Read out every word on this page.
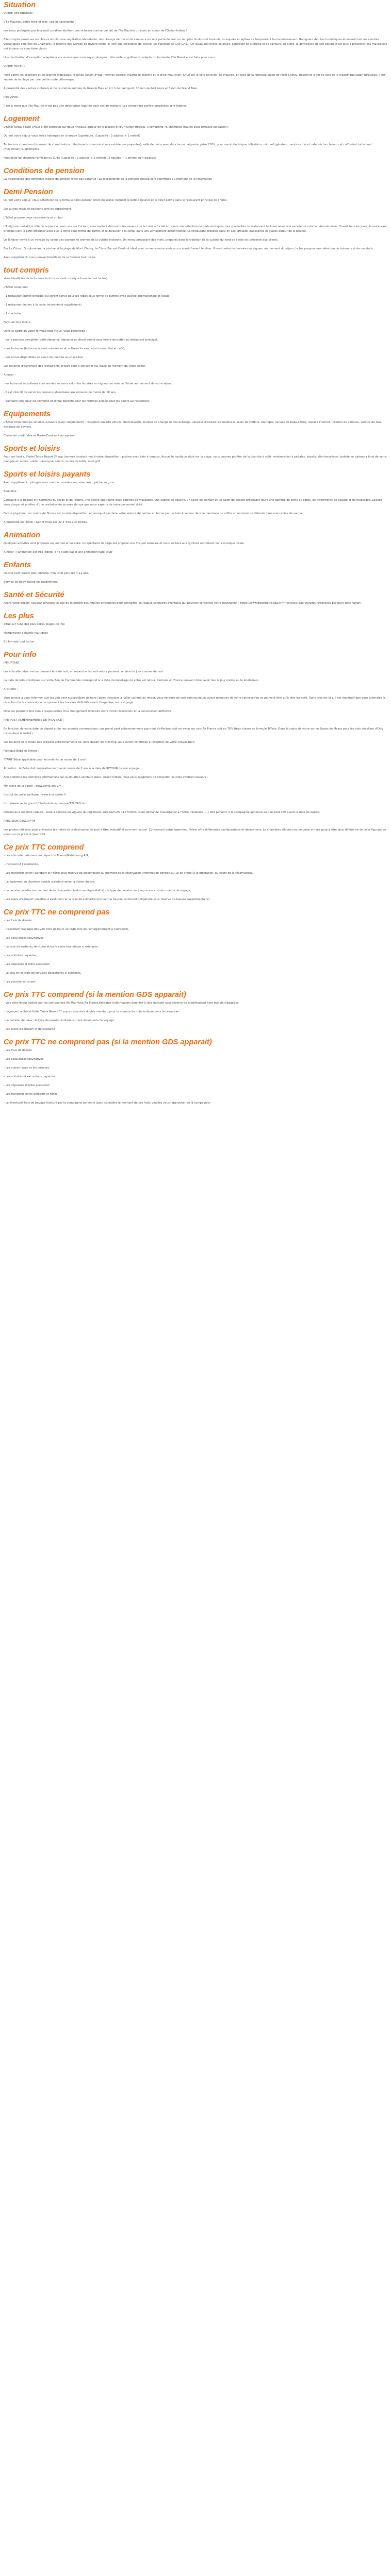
Situation

VOTRE DESTINATION :

L'île Maurice, entre terre et mer, une île fascinante !

Les eaux protégées par leur récif corallien abritent une richesse marine qui fait de l'île Maurice un écrin au coeur de l'Océan Indien !

Elle compte parmi ses nombreux atouts, une végétation abondante, des champs de thé et de cannes à sucre à perte de vue, ou temples hindous et tamouls, mosquées et églises se fréquentent harmonieusement. Rapiguent de rites touristiques étonnants tels les cendres volcaniques colorées de Chamarel, la réserve des Gorges de Rivière Noire, le Parc aux crocodiles de Vanille, les Pakistan de Gris-Gris... Un joyau aux milles couleurs, contrasté de cultures et de saveurs. En outre, la gentillesse de son peuple n'est plus à présenter, les mauriciens ont à cœur de vous faire plaisir.

Une destination d'exception adaptée à vos envies que vous soyez plongeur, kite surfeur, golfeur ou adepte du farniente, l'île Maurice est faite pour vous.

VOTRE HOTEL :

Posé parmi les cocotiers et les plantes tropicales, le Tarisa Resort 3*sup (normes locales) incarne le charme et le style mauricien. Situé sur la côte nord de l'île Maurice, en face de la fameuse plage de Mont Choisy, desservie 3 km de long et le magnifique lagon turquoise, il est séparé de la plage par une petite route pittoresque.

À proximité des centres culturels et de la station animée de Grande Baie et à 1 h de l'aéroport, 30 min de Port Louis et 5 min de Grand Baie.

Info vérité :

Il est à noter que l'île Maurice n'est pas une destination réputée pour ses animations. Les animations parfois proposées sont légères.

Logement

L'hôtel Tarisa Beach 3*sup a été construit sur deux niveaux, autour de la piscine et d'un jardin tropical. Il comprend 75 chambres (toutes avec terrasse ou balcon).

Durant votre séjour vous serez hébergés en chambre Supérieure. (Capacité : 2 adultes + 1 enfant)

Toutes nos chambres disposent de climatisation, téléphone (communications extérieures payantes), salle de bains avec douche ou baignoire, prise 220V, pour rasoir électrique, télévision, mini réfrigérateur, services thé et café, sèche cheveux et coffre-fort individuel (moyennant supplément).

Possibilité de chambre Familiale ou Suite (Capacité : 2 adultes + 2 enfants, 3 adultes + 1 enfant ou 4 adultes).

Conditions de pension

La disponibilité des différents modes de pension n'est pas garantie ; La disponibilité de la pension choisie sera confirmée au moment de la réservation

Demi Pension

Durant votre séjour, vous bénéficiez de la formule demi-pension (hors boissons) incluant le petit-déjeuner et le dîner servis dans le restaurant principal de l'hôtel.

Les autres repas et boissons sont en supplément.

L'hôtel propose deux restaurants et un bar :

L'Indigo est installé à côté de la piscine, avec vue sur l'océan, vous invite à découvrir les saveurs de la cuisine locale à travers une sélection de plats exotiques. Les spécialités du restaurant incluent aussi une excellente cuisine internationale. Ouvert tous les jours, le restaurant principal sert le petit-déjeuner ainsi que le dîner sous forme de buffet, et le déjeuner à la carte, dans une atmosphère décontractée. Le restaurant propose aussi en cas, grillade, pâtisseries et glaces autour de la piscine.

Le Tandoor invite à un voyage au coeur des saveurs et arômes de la cuisine indienne. Un menu proposant des mets, préparés dans la tradition de la cuisine du nord de l'Inde est présenté aux clients.

Bar Le Citrus : Surplombant la piscine et la plage de Mont Choisy, le Citrus Bar est l'endroit idéal pour un verre entre amis ou un apéritif avant le dîner. Ouvert selon les horaires en vigueur au moment du séjour, le bar propose une sélection de boissons et de cocktails.

Avec supplément, vous pouvez bénéficier de la formule tout inclus.

tout compris

Vous bénéficiez de la formule tout inclus (voir rubrique formule tout inclus).

L'hôtel comprend :

- 1 restaurant buffet principal où seront servis pour les repas sous forme de buffets avec cuisine internationale et locale

- 1 restaurant indien à la carte (moyennant supplément)

- 1 snack-bar

Formule tout inclus :

Dans le cadre de votre formule tout inclus, vous bénéficiez :

- de la pension complète (petit-déjeuner, déjeuner et dîner) servie sous forme de buffet au restaurant principal,

- des boissons (boissons non-alcoolisées et alcoolisées locales, vins locaux, thé et café),

- des encas disponibles en cours de journée au snack-bar.

Les horaires d'ouverture des restaurants et bars sont à consulter sur place au moment de votre séjour.

A noter :

- les boissons alcoolisées sont servies au verre selon les horaires en vigueur au sein de l'hôtel au moment de votre séjour,

- il est interdit de servir les boissons alcoolisées aux mineurs de moins de 18 ans,

- pantalon long pour les hommes et tenue décente pour les femmes exigée pour les dîners au restaurant.

Equipements

L'hôtel comprend les services suivants (avec supplément) : réception ouverte 24h/24, blanchisserie, bureau de change et des échange, services d'assistance médicale, salon de coiffure, boutique, service de baby-sitting, espace internet, location de voitures, service de taxi, échange de devises.

Cartes de crédit Visa et MasterCard sont acceptées.

Sports et loisirs

Pour vos loisirs, l'hôtel Tarisa Resort 3* sup (normes locales) met à votre disposition : piscine avec bain à remous. Accueille nautique situé sur la plage, vous pourrez profiter de la planche à voile, embarcation à pédales, kayaks, décriveur-laser, balade en bateau à fond de verre, plongée en apnée, voilier, pétanque, tennis, tennis de table, mini golf.

Sports et loisirs payants

Avec supplément : plongée sous marine, croisière en catamaran, pêche au gros.

Bien-être :

Consacré à la beauté et l'harmonie du corps et de l'esprit, The Sirene Spa réunit deux cabines de massages, une cabine de douche, un salon de coiffure et un salon de beauté proposant toute une gamme de soins du corps, de traitements de beauté et de massages. Laissez-vous choyer et profitez d'une revitalisante journée de spa que nous experts de votre personnel doté.

Forme physique : un centre de fitness est à votre disposition, et pourquoi pas faire votre séance de remise en forme par un bain à vapeur dans le hammam ou coffre un moment de détente dans une cabine de sauna.

A proximité de l'hôtel : Golf 9 trous par 32 à Trou aux Biches.

Animation

Quelques activités sont proposés en journée et karaoké. Un spectacle de séga est proposé une fois par semaine et vous invitera aux rythmes entraînant de la musique locale.

A noter : l'animation est très légère, il ne s'agit pas d'une animation type 'club'

Enfants

Piscine avec bassin pour enfants, mini-club pour les 4-11 ans.

Service de baby-sitting en supplément.

Santé et Sécurité

Avant votre départ, veuillez consulter le site du ministère des Affaires étrangères pour connaître les risques sanitaires éventuels qui peuvent concerner votre destination : https://www.diplomatie.gouv.fr/fr/conseils-aux-voyageurs/conseils-par-pays-destination/

Les plus

Situé sur l'une des plus belles plages de l'île

Nombreuses activités nautiques

En formule tout inclus

Pour info

IMPORTANT :

Les vols aller et/ou retour peuvent être de nuit; en revanche les vols retour peuvent se faire de jour comme de nuit.

La date de retour indiquée sur votre Bon de Commande correspond à la date de décollage de votre vol retour, l'arrivée en France pouvant donc avoir lieu le jour même ou le lendemain.

A NOTER :

Vous tenons à vous informer que les vols sont susceptibles de faire l'objet d'escales à l'aller comme au retour. Vous horaires de vols communiqués avant réception de votre convocation ne peuvent être qu'à titre indicatif. Dans tous les cas, il est impératif que vous attendiez la réception de la convocation comprenant les horaires définitifs avant d'organiser votre voyage.

Nous ne pourrons être tenus responsables d'un changement d'horaire entre votre réservation et la convocation définitive.

PRE-POST ACHEMINEMENTS DE PROVINCE :

En fonction de votre date de départ et de nos accords commerciaux, vos pré et post acheminements pourront s'effectuer soit en avion sur vols Air France soit en TGV (train classe en formule TGVair. Dans le cadre de votre sur les lignes de Massy pour les vols décollant d'Orly inclus dans le forfait).

Les horaires et le mode des pré/post acheminements de votre départ de province vous seront confirmés à réception de votre convocation.

Politique Bébé et Enfant :

*TARIF Bébé applicable pour les enfants de moins de 2 ans*

Attention : le Bébé doit impérativement avoir moins de 2 ans à la date de RETOUR de son voyage.

Afin d'obtenir les dernières informations sur la situation sanitaire dans l'océan Indien, nous vous suggérons de consulter les sites internet suivants :

Ministère de la Santé : www.sante.gouv.fr

Institut de veille sanitaire : www.invs.sante.fr

http://www.sante.gouv.fr/htm/pointsur/zoonose/12t_FAQ.htm

Personnes à mobilité réduite : suite à l'entrée en vigueur du règlement européen EU 1107/2006, toute demande d'assistance à l'hôtel, résidente, ...) doit parvenir à la compagnie aérienne au plus tard 48h avant la date de départ.

PRÉCISION DESCRIPTIF

Les photos utilisées pour présenter les hôtels et la destination le sont à titre indicatif et non-contractuel. Concernant votre logement, l'hôtel offre différentes configurations et décorations. Le chambres allouée lors de votre arrivée pourra être ainsi différente de celle figurant en photo sur le présent descriptif.

Ce prix TTC comprend

- Les vols internationaux au départ de France/Malmbourg A/R,

- L'accueil et l'assistance,

- Les transferts entre l'aéroport et l'hôtel sous réserve de disponibilité au moment de la réservation (information donnée au 1e de l'hôtel à la prestation, ou cours de la réservation),

- Le logement en chambre double standard selon la durée choisie,

- La pension validée au moment de la réservation (selon sa disponibilité) : le type de pension sera repris sur vos documents de voyage,

- Les taxes d'aéroport (sujettes à évolution) et la taxe de solidarité (incluant la hausse carburant obligatoire sous réserve de hausse supplémentaire)

Ce prix TTC ne comprend pas

- Les frais de dossier

- L'excédent bagages des vols hors golfeurs (le règle lors de l'enregistrement à l'aéroport),

- Les assurances facultatives,

- La taxe de sortie du territoire et/ou la carte touristique si existante,

- Les activités payantes,

- Les dépenses d'ordre personnel,

- Le visa et les frais de services obligatoires si existants,

- Les pourboires usuels.

Ce prix TTC comprend (si la mention GDS apparait)

- Vols aller-retour opérés par les compagnies Air Mauritius,Air France,Emirates (informations données à titre indicatif sous réserve de modification) hors transfert/bagages

- Logement à l'hôtel Hôtel Tarisa Resort 3* sup en chambre double standard pour le nombre de nuits indiqué dans le calendrier

- La pension de base : le type de pension indiqué sur vos documents de voyage

- Les taxes d'aéroport et de solidarité

Ce prix TTC ne comprend pas (si la mention GDS apparait)

- Les frais de dossier

- Les assurances facultatives

- Les autres repas et les boissons

- Les activités et excursions payantes

- Les dépenses d'ordre personnel

- Les transferts entre aéroport et hôtel

- Le éventuels frais de bagage (facturé par la compagnie aérienne (pour connaître le montant de ces frais, veuillez vous rapprocher de la compagnie)
